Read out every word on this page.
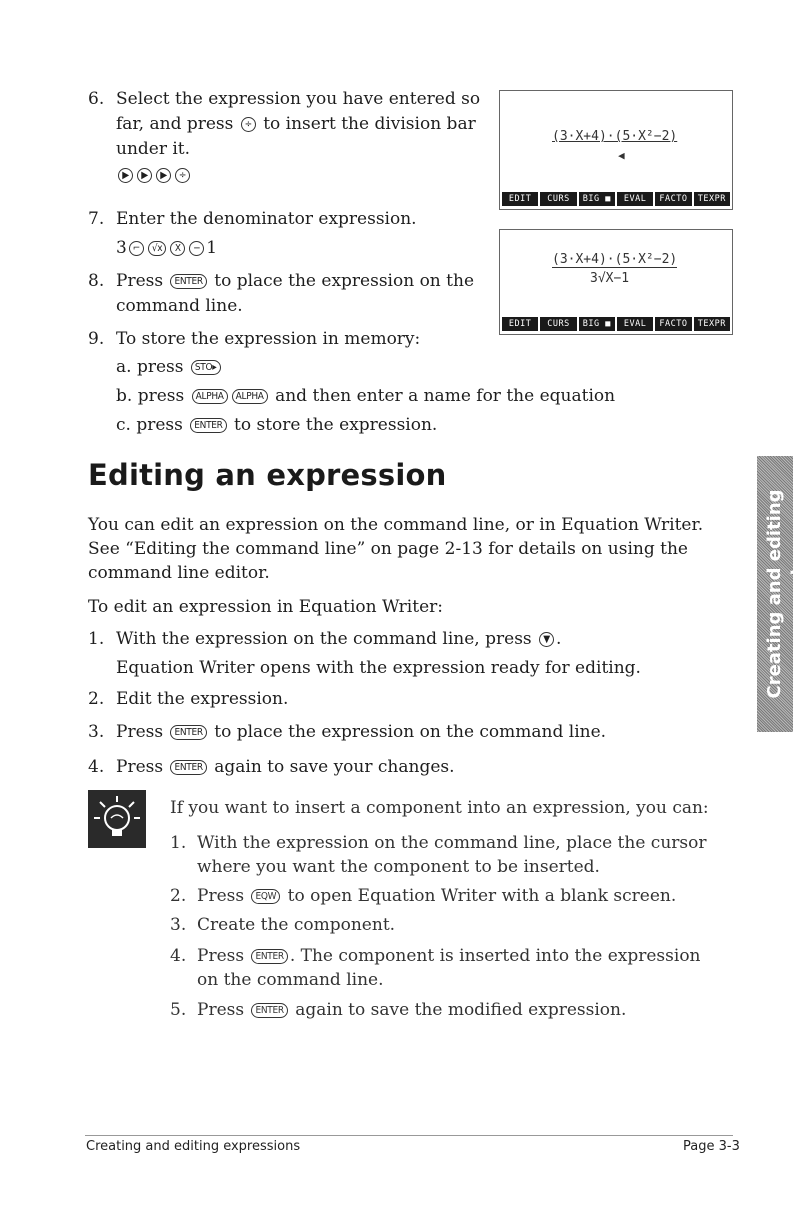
6. Select the expression you have entered so
far, and press ÷ to insert the division bar
under it.
▶ ▶ ▶ ÷
7. Enter the denominator expression.
3 ⌐ √x X − 1
8. Press ENTER to place the expression on the
command line.
9. To store the expression in memory:
a. press STO▸
b. press ALPHA ALPHA and then enter a name for the equation
c. press ENTER to store the expression.
(3·X+4)·(5·X²−2)
◀
EDIT	CURS	BIG ■	EVAL	FACTO	TEXPR
(3·X+4)·(5·X²−2)
3√X−1
EDIT	CURS	BIG ■	EVAL	FACTO	TEXPR
Editing an expression
You can edit an expression on the command line, or in Equation Writer.
See “Editing the command line” on page 2-13 for details on using the
command line editor.
To edit an expression in Equation Writer:
1. With the expression on the command line, press ▼ .
Equation Writer opens with the expression ready for editing.
2. Edit the expression.
3. Press ENTER to place the expression on the command line.
4. Press ENTER again to save your changes.
If you want to insert a component into an expression, you can:
1. With the expression on the command line, place the cursor
where you want the component to be inserted.
2. Press EQW to open Equation Writer with a blank screen.
3. Create the component.
4. Press ENTER . The component is inserted into the expression
on the command line.
5. Press ENTER again to save the modified expression.
Creating and editing expressions
Creating and editing expressions	Page 3-3
